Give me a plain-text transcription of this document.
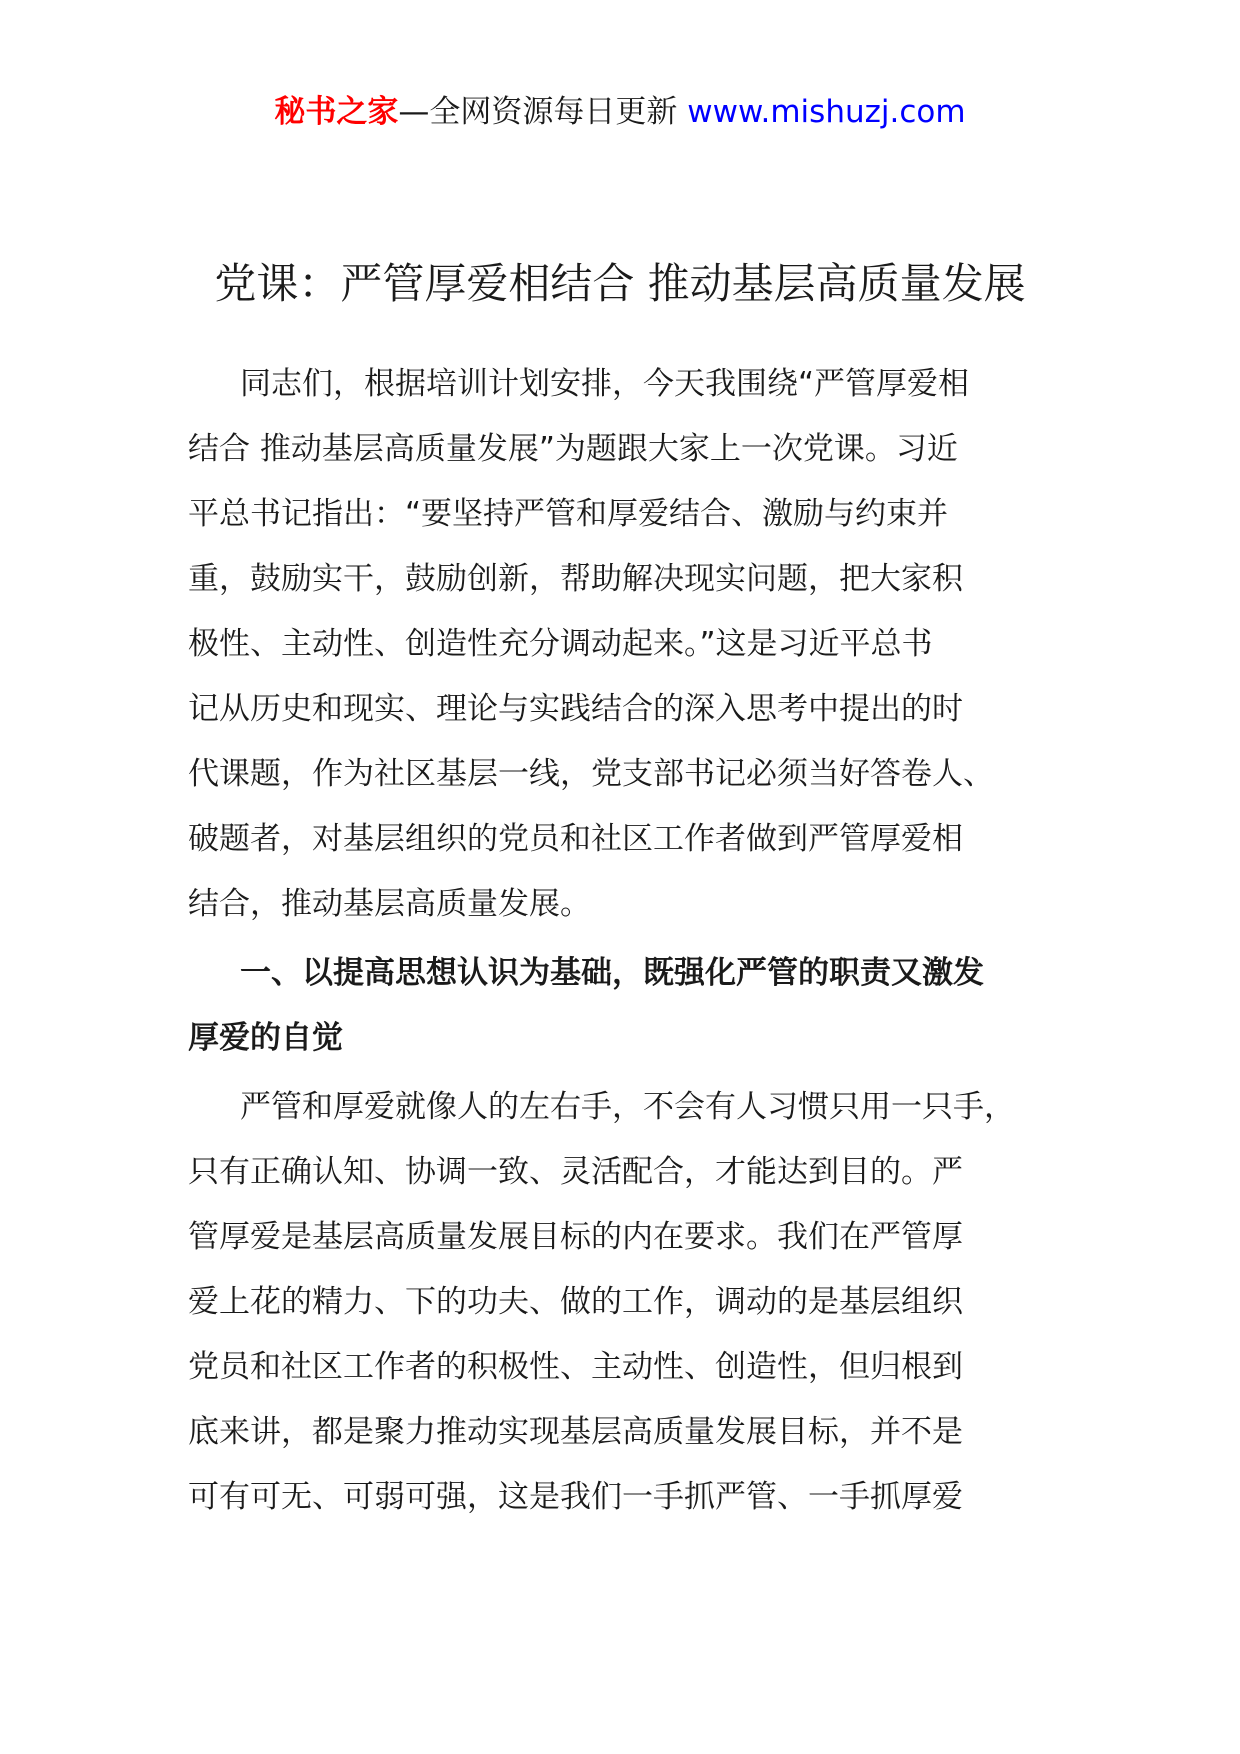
秘书之家—全网资源每日更新 www.mishuzj.com
党课：严管厚爱相结合 推动基层高质量发展
同志们，根据培训计划安排，今天我围绕“严管厚爱相
结合 推动基层高质量发展”为题跟大家上一次党课。习近
平总书记指出：“要坚持严管和厚爱结合、激励与约束并
重，鼓励实干，鼓励创新，帮助解决现实问题，把大家积
极性、主动性、创造性充分调动起来。”这是习近平总书
记从历史和现实、理论与实践结合的深入思考中提出的时
代课题，作为社区基层一线，党支部书记必须当好答卷人、
破题者，对基层组织的党员和社区工作者做到严管厚爱相
结合，推动基层高质量发展。
一、以提高思想认识为基础，既强化严管的职责又激发
厚爱的自觉
严管和厚爱就像人的左右手，不会有人习惯只用一只手，
只有正确认知、协调一致、灵活配合，才能达到目的。严
管厚爱是基层高质量发展目标的内在要求。我们在严管厚
爱上花的精力、下的功夫、做的工作，调动的是基层组织
党员和社区工作者的积极性、主动性、创造性，但归根到
底来讲，都是聚力推动实现基层高质量发展目标，并不是
可有可无、可弱可强，这是我们一手抓严管、一手抓厚爱
